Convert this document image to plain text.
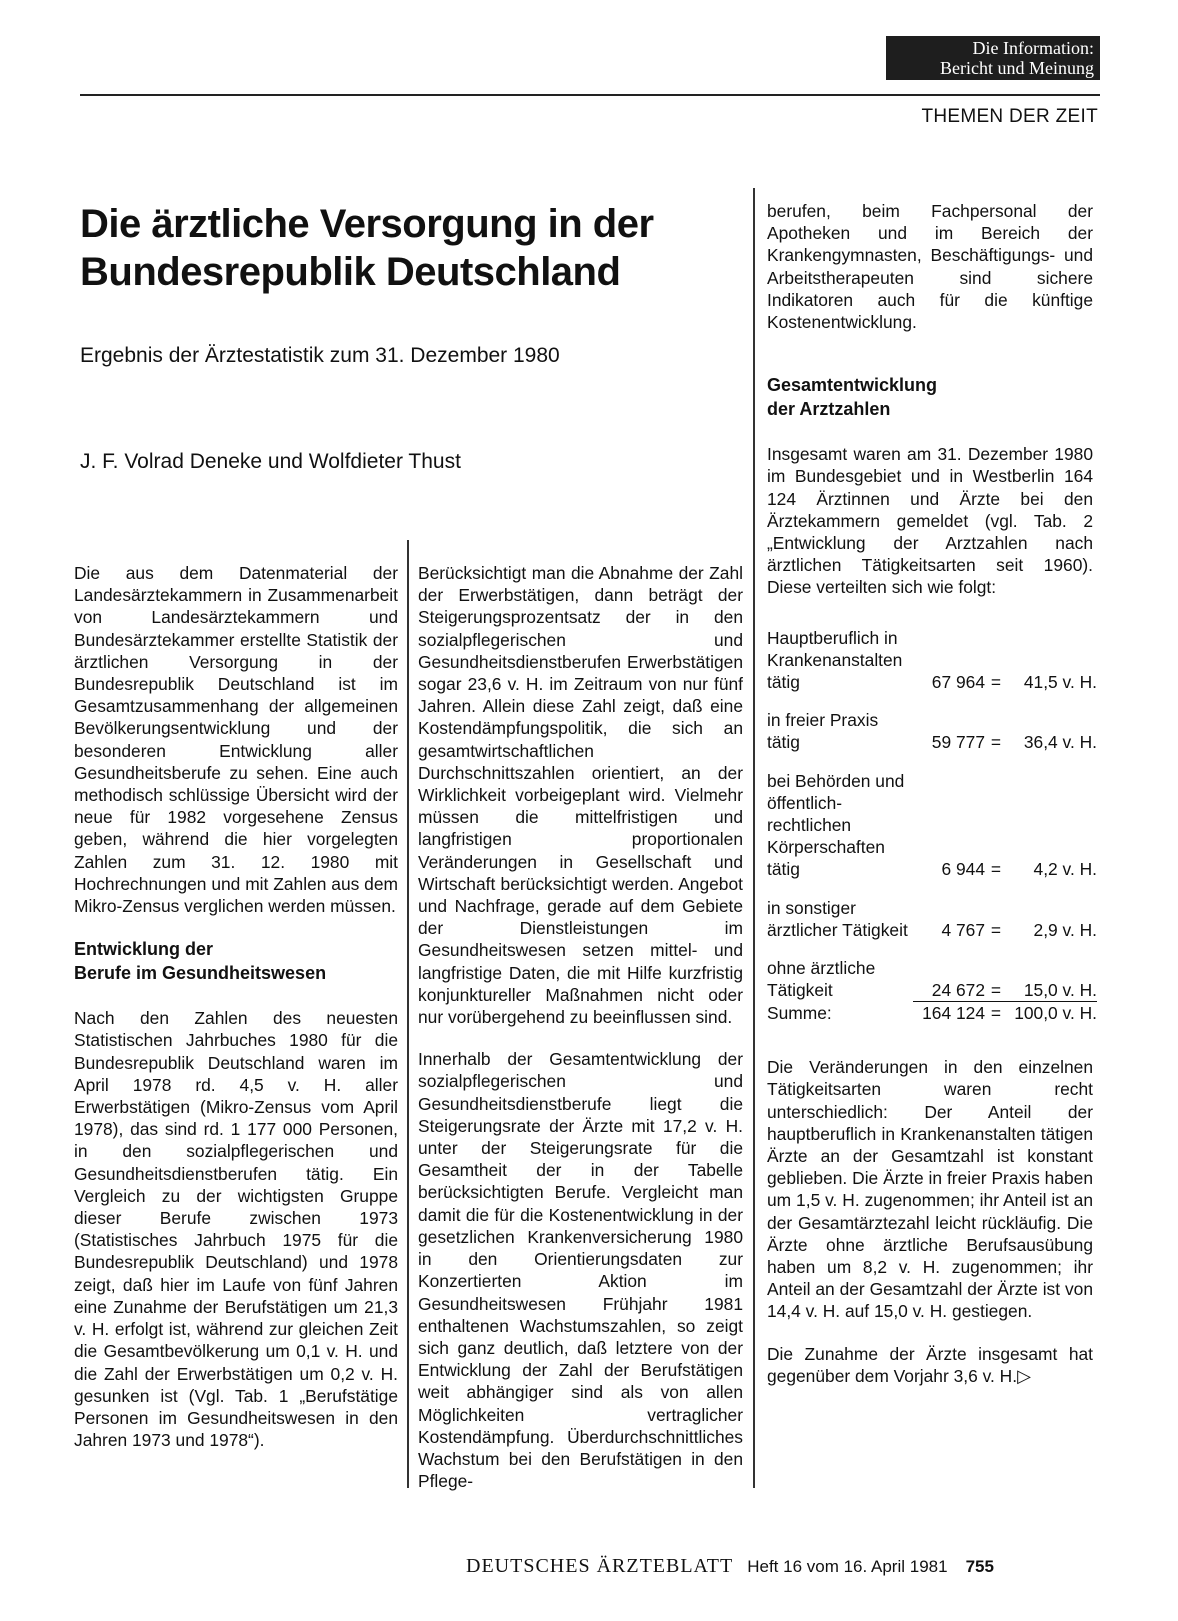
Die Information:
Bericht und Meinung
THEMEN DER ZEIT
Die ärztliche Versorgung in der Bundesrepublik Deutschland
Ergebnis der Ärztestatistik zum 31. Dezember 1980
J. F. Volrad Deneke und Wolfdieter Thust

Die aus dem Datenmaterial der Landesärztekammern in Zusammenarbeit von Landesärztekammern und Bundesärztekammer erstellte Statistik der ärztlichen Versorgung in der Bundesrepublik Deutschland ist im Gesamtzusammenhang der allgemeinen Bevölkerungsentwicklung und der besonderen Entwicklung aller Gesundheitsberufe zu sehen. Eine auch methodisch schlüssige Übersicht wird der neue für 1982 vorgesehene Zensus geben, während die hier vorgelegten Zahlen zum 31. 12. 1980 mit Hochrechnungen und mit Zahlen aus dem Mikro-Zensus verglichen werden müssen.

Entwicklung der
Berufe im Gesundheitswesen

Nach den Zahlen des neuesten Statistischen Jahrbuches 1980 für die Bundesrepublik Deutschland waren im April 1978 rd. 4,5 v. H. aller Erwerbstätigen (Mikro-Zensus vom April 1978), das sind rd. 1 177 000 Personen, in den sozialpflegerischen und Gesundheitsdienstberufen tätig. Ein Vergleich zu der wichtigsten Gruppe dieser Berufe zwischen 1973 (Statistisches Jahrbuch 1975 für die Bundesrepublik Deutschland) und 1978 zeigt, daß hier im Laufe von fünf Jahren eine Zunahme der Berufstätigen um 21,3 v. H. erfolgt ist, während zur gleichen Zeit die Gesamtbevölkerung um 0,1 v. H. und die Zahl der Erwerbstätigen um 0,2 v. H. gesunken ist (Vgl. Tab. 1 „Berufstätige Personen im Gesundheitswesen in den Jahren 1973 und 1978“).

Berücksichtigt man die Abnahme der Zahl der Erwerbstätigen, dann beträgt der Steigerungsprozentsatz der in den sozialpflegerischen und Gesundheitsdienstberufen Erwerbstätigen sogar 23,6 v. H. im Zeitraum von nur fünf Jahren. Allein diese Zahl zeigt, daß eine Kostendämpfungspolitik, die sich an gesamtwirtschaftlichen Durchschnittszahlen orientiert, an der Wirklichkeit vorbeigeplant wird. Vielmehr müssen die mittelfristigen und langfristigen proportionalen Veränderungen in Gesellschaft und Wirtschaft berücksichtigt werden. Angebot und Nachfrage, gerade auf dem Gebiete der Dienstleistungen im Gesundheitswesen setzen mittel- und langfristige Daten, die mit Hilfe kurzfristig konjunktureller Maßnahmen nicht oder nur vorübergehend zu beeinflussen sind.

Innerhalb der Gesamtentwicklung der sozialpflegerischen und Gesundheitsdienstberufe liegt die Steigerungsrate der Ärzte mit 17,2 v. H. unter der Steigerungsrate für die Gesamtheit der in der Tabelle berücksichtigten Berufe. Vergleicht man damit die für die Kostenentwicklung in der gesetzlichen Krankenversicherung 1980 in den Orientierungsdaten zur Konzertierten Aktion im Gesundheitswesen Frühjahr 1981 enthaltenen Wachstumszahlen, so zeigt sich ganz deutlich, daß letztere von der Entwicklung der Zahl der Berufstätigen weit abhängiger sind als von allen Möglichkeiten vertraglicher Kostendämpfung. Überdurchschnittliches Wachstum bei den Berufstätigen in den Pflege-

berufen, beim Fachpersonal der Apotheken und im Bereich der Krankengymnasten, Beschäftigungs- und Arbeitstherapeuten sind sichere Indikatoren auch für die künftige Kostenentwicklung.

Gesamtentwicklung
der Arztzahlen

Insgesamt waren am 31. Dezember 1980 im Bundesgebiet und in Westberlin 164 124 Ärztinnen und Ärzte bei den Ärztekammern gemeldet (vgl. Tab. 2 „Entwicklung der Arztzahlen nach ärztlichen Tätigkeitsarten seit 1960). Diese verteilten sich wie folgt:

Hauptberuflich in Krankenanstalten tätig	67 964	=	41,5 v. H.

in freier Praxis tätig	59 777	=	36,4 v. H.

bei Behörden und öffentlich-rechtlichen Körperschaften tätig	6 944	=	4,2 v. H.

in sonstiger ärztlicher Tätigkeit	4 767	=	2,9 v. H.

ohne ärztliche Tätigkeit	24 672	=	15,0 v. H.
Summe:	164 124	=	100,0 v. H.

Die Veränderungen in den einzelnen Tätigkeitsarten waren recht unterschiedlich: Der Anteil der hauptberuflich in Krankenanstalten tätigen Ärzte an der Gesamtzahl ist konstant geblieben. Die Ärzte in freier Praxis haben um 1,5 v. H. zugenommen; ihr Anteil ist an der Gesamtärztezahl leicht rückläufig. Die Ärzte ohne ärztliche Berufsausübung haben um 8,2 v. H. zugenommen; ihr Anteil an der Gesamtzahl der Ärzte ist von 14,4 v. H. auf 15,0 v. H. gestiegen.

Die Zunahme der Ärzte insgesamt hat gegenüber dem Vorjahr 3,6 v. H.▷

DEUTSCHES ÄRZTEBLATT Heft 16 vom 16. April 1981 755
